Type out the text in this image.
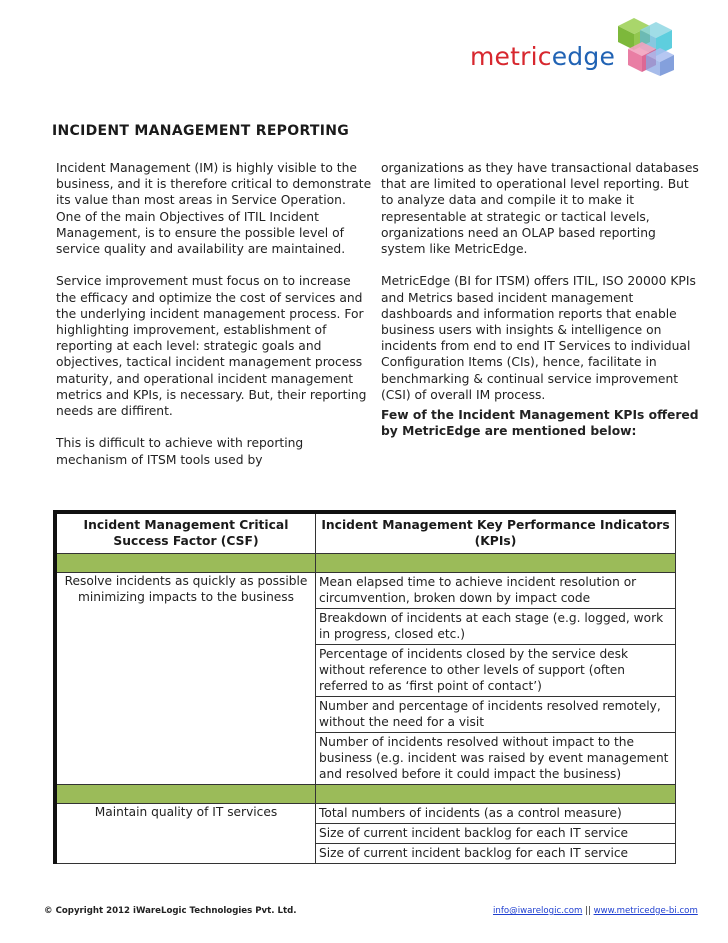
metricedge
INCIDENT MANAGEMENT REPORTING

Incident Management (IM) is highly visible to the business, and it is therefore critical to demonstrate its value than most areas in Service Operation. One of the main Objectives of ITIL Incident Management, is to ensure the possible level of service quality and availability are maintained.

Service improvement must focus on to increase the efficacy and optimize the cost of services and the underlying incident management process. For highlighting improvement, establishment of reporting at each level: strategic goals and objectives, tactical incident management process maturity, and operational incident management metrics and KPIs, is necessary. But, their reporting needs are diffirent.

This is difficult to achieve with reporting mechanism of ITSM tools used by

organizations as they have transactional databases that are limited to operational level reporting. But to analyze data and compile it to make it representable at strategic or tactical levels, organizations need an OLAP based reporting system like MetricEdge.

MetricEdge (BI for ITSM) offers ITIL, ISO 20000 KPIs and Metrics based incident management dashboards and information reports that enable business users with insights & intelligence on incidents from end to end IT Services to individual Configuration Items (CIs), hence, facilitate in benchmarking & continual service improvement (CSI) of overall IM process.

Few of the Incident Management KPIs offered by MetricEdge are mentioned below:

Incident Management Critical Success Factor (CSF)	Incident Management Key Performance Indicators (KPIs)

Resolve incidents as quickly as possible minimizing impacts to the business	Mean elapsed time to achieve incident resolution or circumvention, broken down by impact code
	Breakdown of incidents at each stage (e.g. logged, work in progress, closed etc.)
	Percentage of incidents closed by the service desk without reference to other levels of support (often referred to as ‘first point of contact’)
	Number and percentage of incidents resolved remotely, without the need for a visit
	Number of incidents resolved without impact to the business (e.g. incident was raised by event management and resolved before it could impact the business)

Maintain quality of IT services	Total numbers of incidents (as a control measure)
	Size of current incident backlog for each IT service
	Size of current incident backlog for each IT service
© Copyright 2012 iWareLogic Technologies Pvt. Ltd.	info@iwarelogic.com || www.metricedge-bi.com
